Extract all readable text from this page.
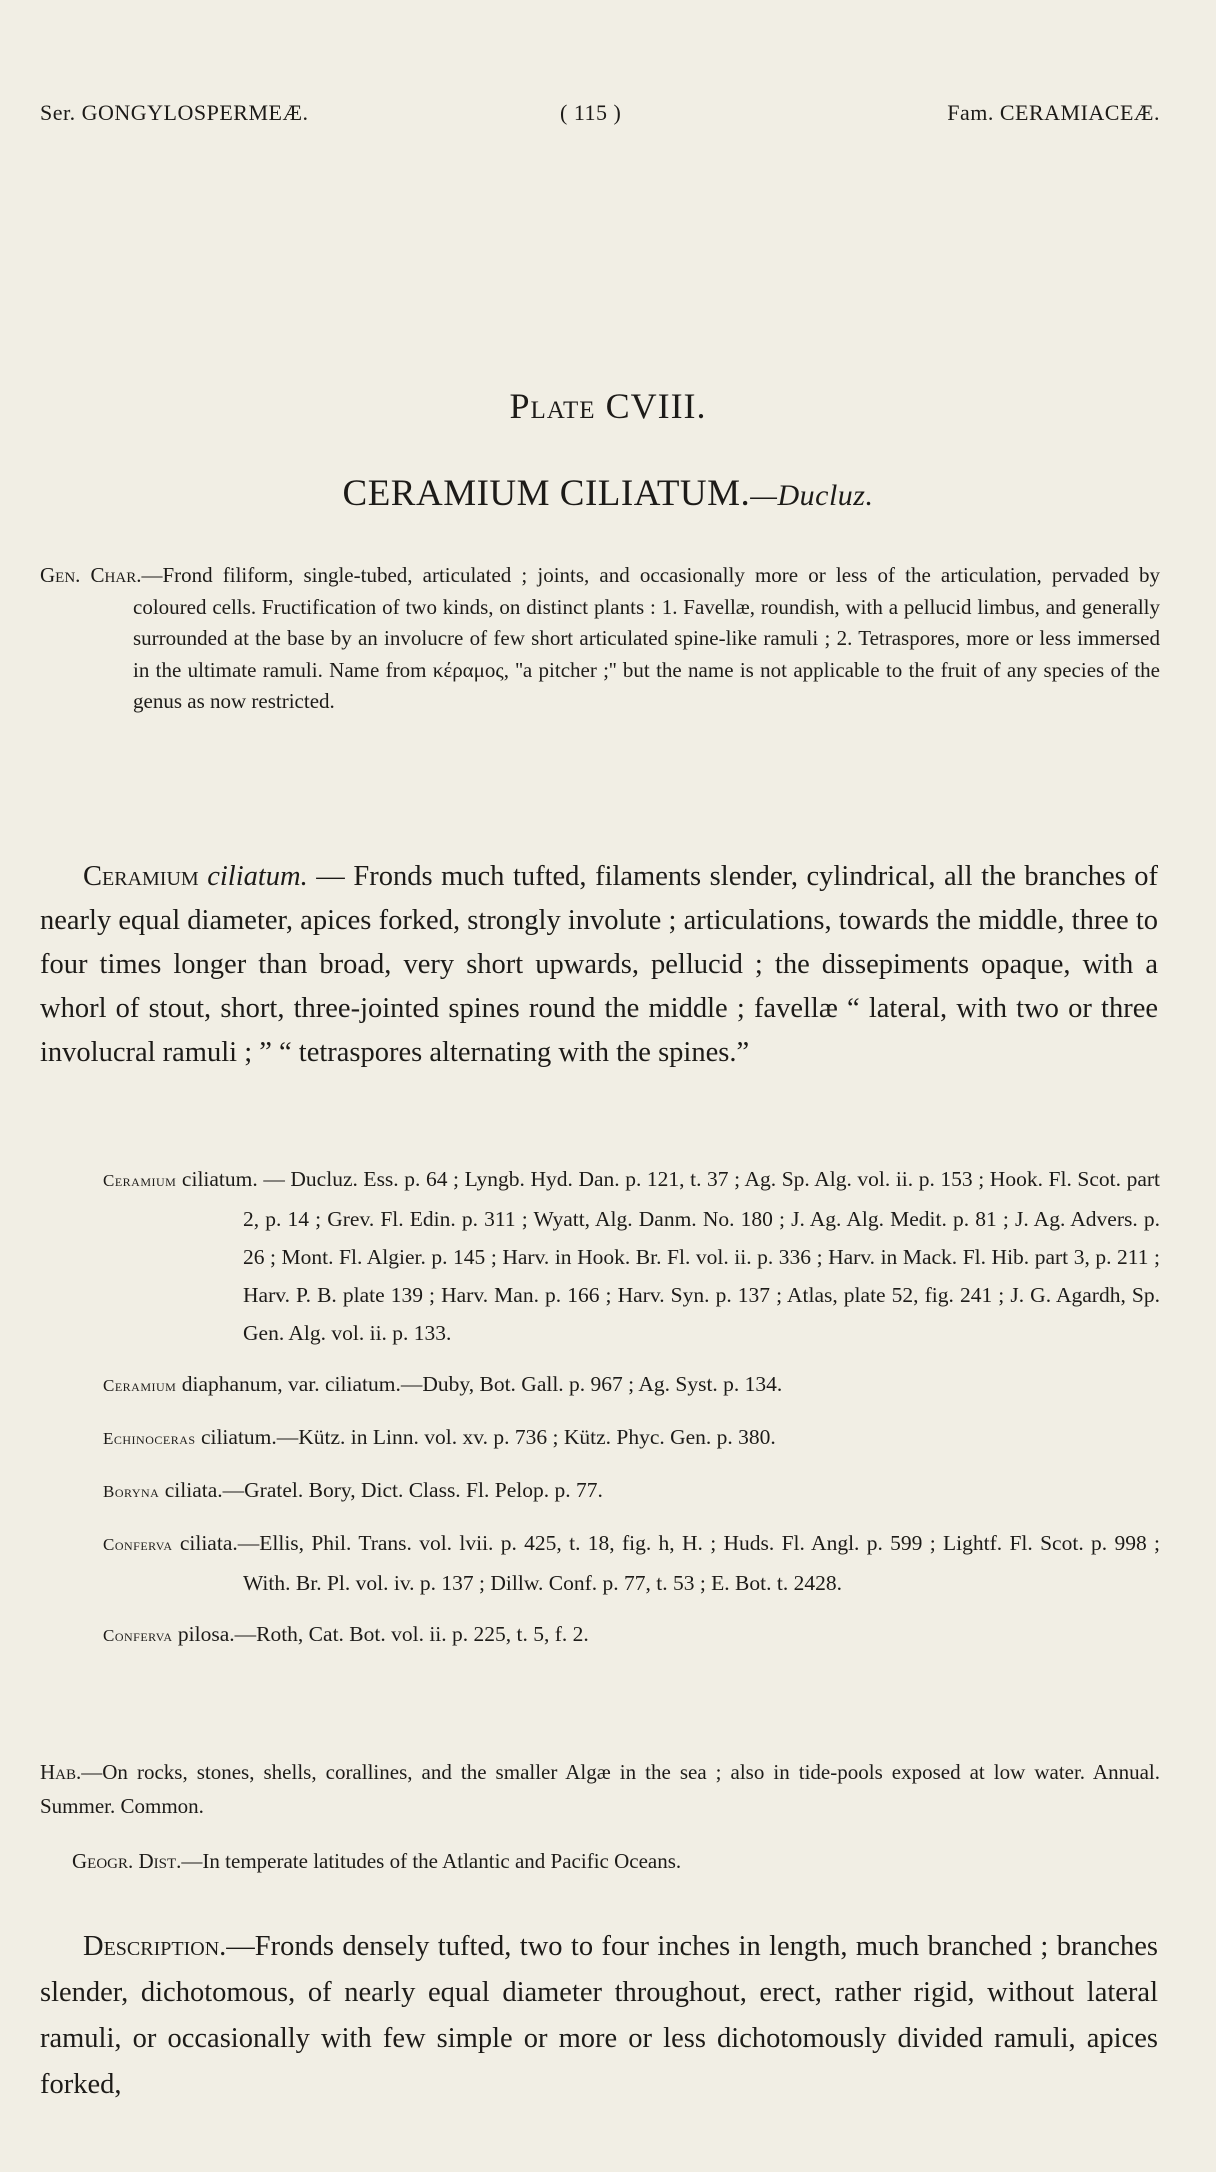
Ser. GONGYLOSPERMEÆ.	( 115 )	Fam. CERAMIACEÆ.
Plate CVIII.
CERAMIUM CILIATUM.—Ducluz.
Gen. Char.—Frond filiform, single-tubed, articulated ; joints, and occasionally more or less of the articulation, pervaded by coloured cells. Fructification of two kinds, on distinct plants : 1. Favellæ, roundish, with a pellucid limbus, and generally surrounded at the base by an involucre of few short articulated spine-like ramuli ; 2. Tetraspores, more or less immersed in the ultimate ramuli. Name from κέραμος, ''a pitcher ;'' but the name is not applicable to the fruit of any species of the genus as now restricted.
Ceramium ciliatum. — Fronds much tufted, filaments slender, cylindrical, all the branches of nearly equal diameter, apices forked, strongly involute ; articulations, towards the middle, three to four times longer than broad, very short upwards, pellucid ; the dissepiments opaque, with a whorl of stout, short, three-jointed spines round the middle ; favellæ “ lateral, with two or three involucral ramuli ; ” “ tetraspores alternating with the spines.”
Ceramium ciliatum. — Ducluz. Ess. p. 64 ; Lyngb. Hyd. Dan. p. 121, t. 37 ; Ag. Sp. Alg. vol. ii. p. 153 ; Hook. Fl. Scot. part 2, p. 14 ; Grev. Fl. Edin. p. 311 ; Wyatt, Alg. Danm. No. 180 ; J. Ag. Alg. Medit. p. 81 ; J. Ag. Advers. p. 26 ; Mont. Fl. Algier. p. 145 ; Harv. in Hook. Br. Fl. vol. ii. p. 336 ; Harv. in Mack. Fl. Hib. part 3, p. 211 ; Harv. P. B. plate 139 ; Harv. Man. p. 166 ; Harv. Syn. p. 137 ; Atlas, plate 52, fig. 241 ; J. G. Agardh, Sp. Gen. Alg. vol. ii. p. 133.
Ceramium diaphanum, var. ciliatum.—Duby, Bot. Gall. p. 967 ; Ag. Syst. p. 134.
Echinoceras ciliatum.—Kütz. in Linn. vol. xv. p. 736 ; Kütz. Phyc. Gen. p. 380.
Boryna ciliata.—Gratel. Bory, Dict. Class. Fl. Pelop. p. 77.
Conferva ciliata.—Ellis, Phil. Trans. vol. lvii. p. 425, t. 18, fig. h, H. ; Huds. Fl. Angl. p. 599 ; Lightf. Fl. Scot. p. 998 ; With. Br. Pl. vol. iv. p. 137 ; Dillw. Conf. p. 77, t. 53 ; E. Bot. t. 2428.
Conferva pilosa.—Roth, Cat. Bot. vol. ii. p. 225, t. 5, f. 2.
Hab.—On rocks, stones, shells, corallines, and the smaller Algæ in the sea ; also in tide-pools exposed at low water. Annual. Summer. Common.
Geogr. Dist.—In temperate latitudes of the Atlantic and Pacific Oceans.
Description.—Fronds densely tufted, two to four inches in length, much branched ; branches slender, dichotomous, of nearly equal diameter throughout, erect, rather rigid, without lateral ramuli, or occasionally with few simple or more or less dichotomously divided ramuli, apices forked,
